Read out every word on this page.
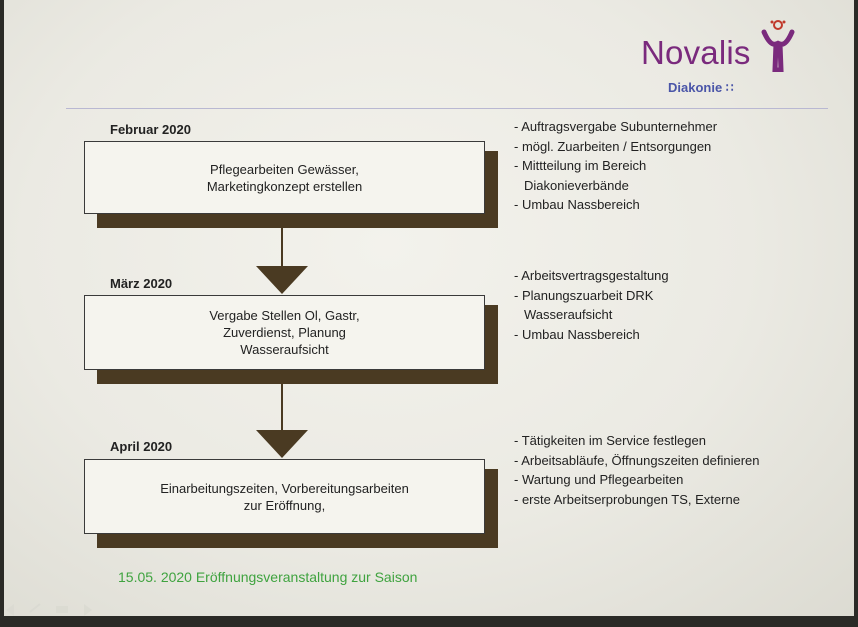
Novalis
Diakonie ∷
Februar 2020
Pflegearbeiten Gewässer,
Marketingkonzept erstellen
- Auftragsvergabe Subunternehmer
- mögl. Zuarbeiten / Entsorgungen
- Mittteilung im Bereich
Diakonieverbände
- Umbau Nassbereich
März 2020
Vergabe Stellen Ol, Gastr,
Zuverdienst, Planung
Wasseraufsicht
- Arbeitsvertragsgestaltung
- Planungszuarbeit DRK
Wasseraufsicht
- Umbau Nassbereich
April 2020
Einarbeitungszeiten, Vorbereitungsarbeiten
zur Eröffnung,
- Tätigkeiten im Service festlegen
- Arbeitsabläufe, Öffnungszeiten definieren
- Wartung und Pflegearbeiten
- erste Arbeitserprobungen TS, Externe
15.05. 2020 Eröffnungsveranstaltung zur Saison
